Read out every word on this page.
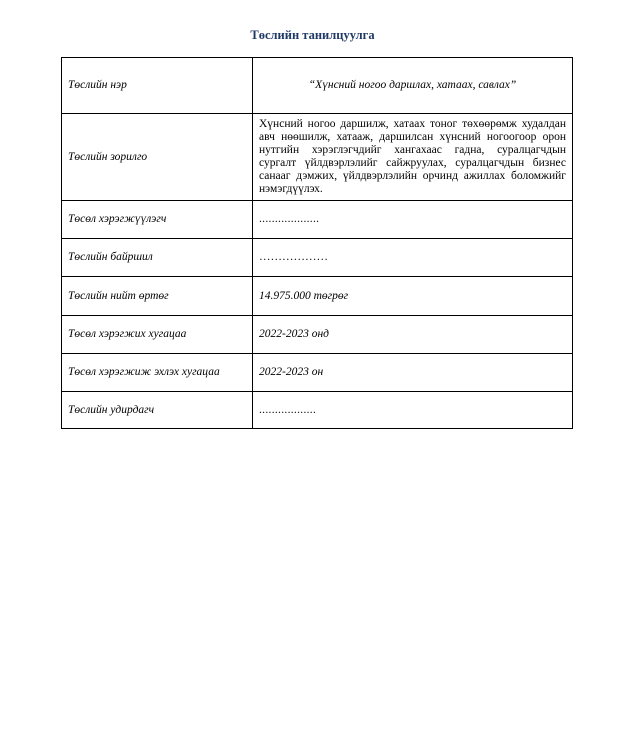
Төслийн танилцуулга
Төслийн нэр	“Хүнсний ногоо даршлах, хатаах, савлах”
Төслийн зорилго	Хүнсний ногоо даршилж, хатаах тоног төхөөрөмж худалдан авч нөөшилж, хатааж, даршилсан хүнсний ногоогоор орон нутгийн хэрэглэгчдийг хангахаас гадна, суралцагчдын сургалт үйлдвэрлэлийг сайжруулах, суралцагчдын бизнес санааг дэмжих, үйлдвэрлэлийн орчинд ажиллах боломжийг нэмэгдүүлэх.
Төсөл хэрэгжүүлэгч	...................
Төслийн байршил	………………
Төслийн нийт өртөг	14.975.000 төгрөг
Төсөл хэрэгжих хугацаа	2022-2023 онд
Төсөл хэрэгжиж эхлэх хугацаа	2022-2023 он
Төслийн удирдагч	..................
